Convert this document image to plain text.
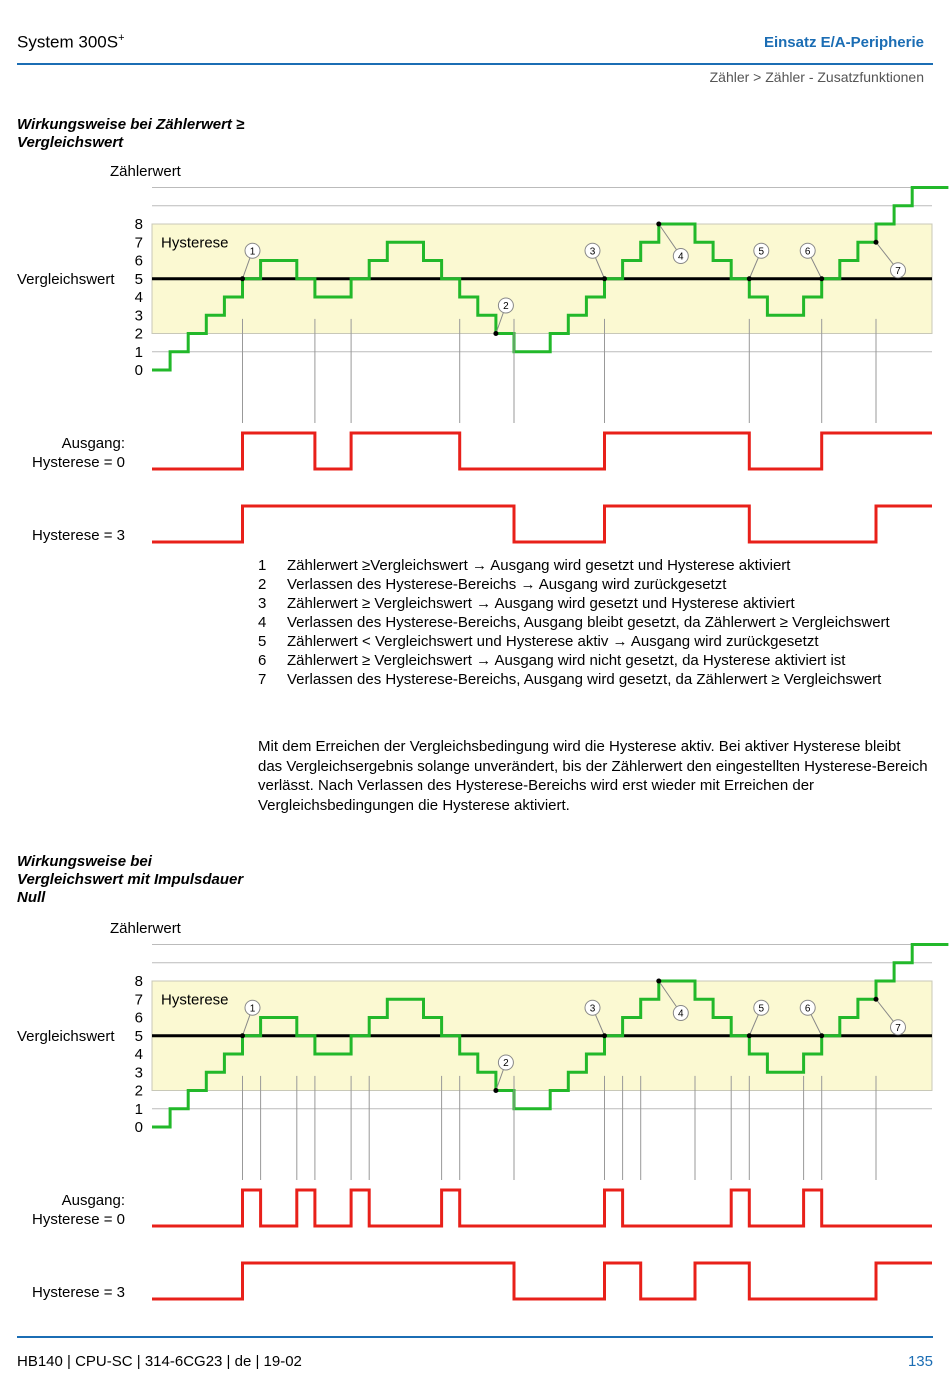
System 300S+	Einsatz E/A-Peripherie
Zähler > Zähler - Zusatzfunktionen
Wirkungsweise bei Zählerwert ≥ Vergleichswert
Zählerwert
0
1
2
3
4
5
6
7
8
Vergleichswert
Hysterese
Ausgang:
Hysterese = 0
Hysterese = 3
1
2
3	4	5	6
7
1	Zählerwert ≥Vergleichswert → Ausgang wird gesetzt und Hysterese aktiviert
2	Verlassen des Hysterese-Bereichs → Ausgang wird zurückgesetzt
3	Zählerwert ≥ Vergleichswert → Ausgang wird gesetzt und Hysterese aktiviert
4	Verlassen des Hysterese-Bereichs, Ausgang bleibt gesetzt, da Zählerwert ≥ Vergleichswert
5	Zählerwert < Vergleichswert und Hysterese aktiv → Ausgang wird zurückgesetzt
6	Zählerwert ≥ Vergleichswert → Ausgang wird nicht gesetzt, da Hysterese aktiviert ist
7	Verlassen des Hysterese-Bereichs, Ausgang wird gesetzt, da Zählerwert ≥ Vergleichswert
Mit dem Erreichen der Vergleichsbedingung wird die Hysterese aktiv. Bei aktiver Hysterese bleibt das Vergleichsergebnis solange unverändert, bis der Zählerwert den eingestellten Hysterese-Bereich verlässt. Nach Verlassen des Hysterese-Bereichs wird erst wieder mit Erreichen der Vergleichsbedingungen die Hysterese aktiviert.
Wirkungsweise bei Vergleichswert mit Impulsdauer Null
Zählerwert
0
1
2
3
4
5
6
7
8
Vergleichswert
Hysterese
Ausgang:
Hysterese = 0
Hysterese = 3
1
2
3	4	5	6
7
HB140 | CPU-SC | 314-6CG23 | de | 19-02	135
